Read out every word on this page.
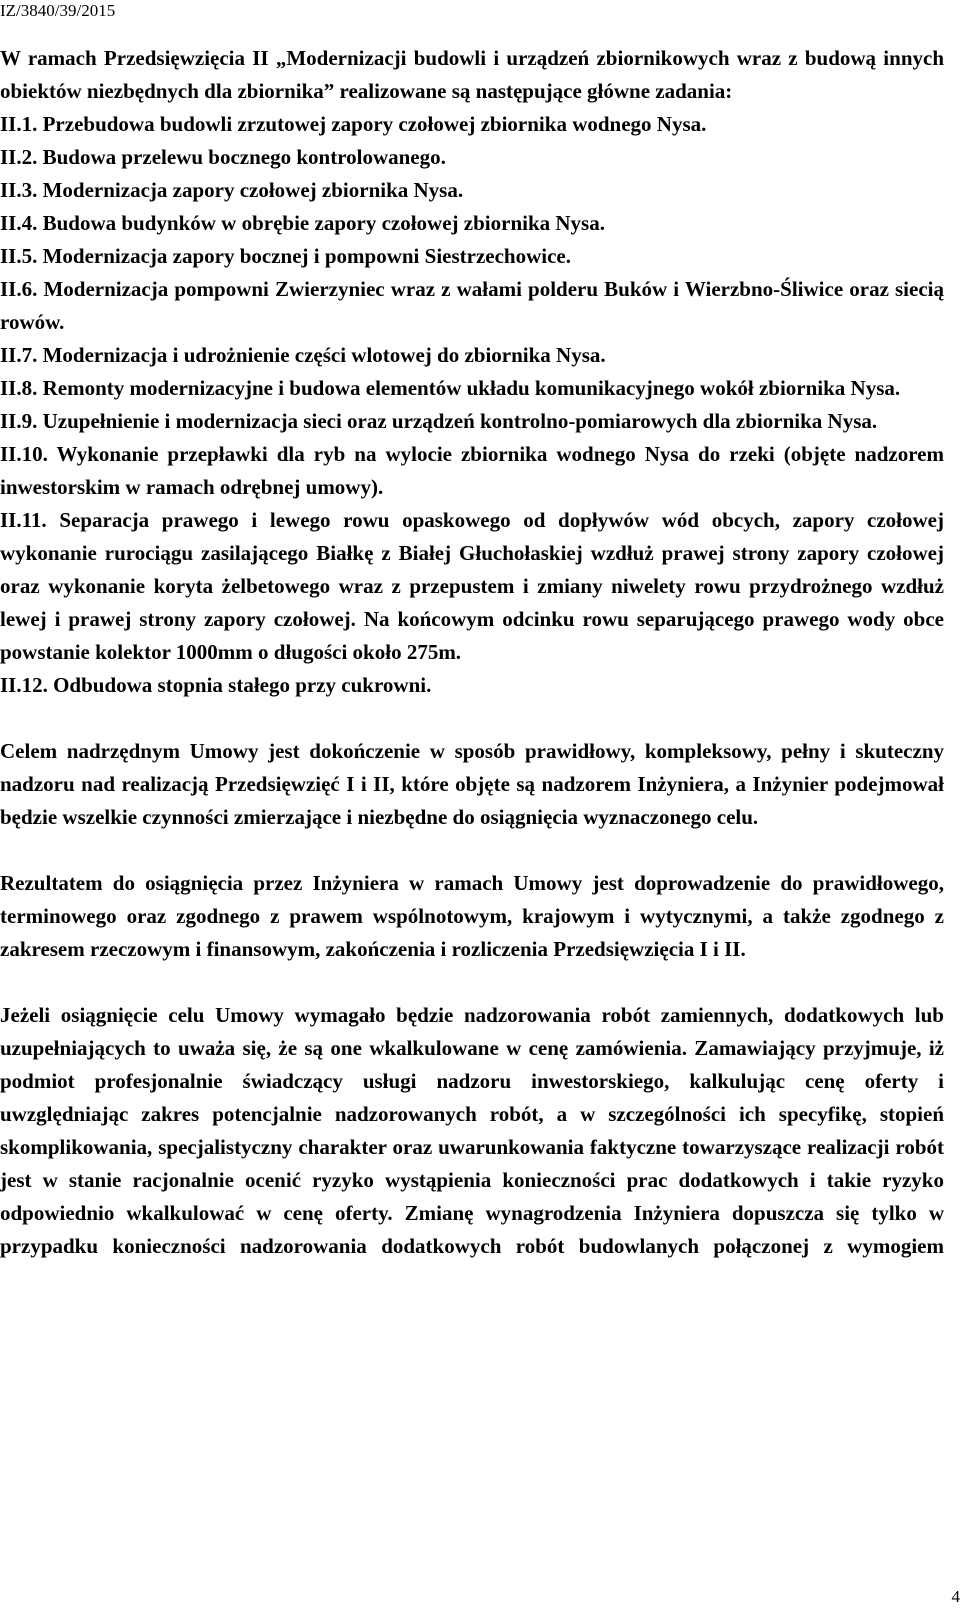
IZ/3840/39/2015

W ramach Przedsięwzięcia II „Modernizacji budowli i urządzeń zbiornikowych wraz z budową innych obiektów niezbędnych dla zbiornika” realizowane są następujące główne zadania:

II.1. Przebudowa budowli zrzutowej zapory czołowej zbiornika wodnego Nysa.

II.2. Budowa przelewu bocznego kontrolowanego.

II.3. Modernizacja zapory czołowej zbiornika Nysa.

II.4. Budowa budynków w obrębie zapory czołowej zbiornika Nysa.

II.5. Modernizacja zapory bocznej i pompowni Siestrzechowice.

II.6. Modernizacja pompowni Zwierzyniec wraz z wałami polderu Buków i Wierzbno-Śliwice oraz siecią rowów.

II.7. Modernizacja i udrożnienie części wlotowej do zbiornika Nysa.

II.8. Remonty modernizacyjne i budowa elementów układu komunikacyjnego wokół zbiornika Nysa.

II.9. Uzupełnienie i modernizacja sieci oraz urządzeń kontrolno-pomiarowych dla zbiornika Nysa.

II.10. Wykonanie przepławki dla ryb na wylocie zbiornika wodnego Nysa do rzeki (objęte nadzorem inwestorskim w ramach odrębnej umowy).

II.11. Separacja prawego i lewego rowu opaskowego od dopływów wód obcych, zapory czołowej wykonanie rurociągu zasilającego Białkę z Białej Głuchołaskiej wzdłuż prawej strony zapory czołowej oraz wykonanie koryta żelbetowego wraz z przepustem i zmiany niwelety rowu przydrożnego wzdłuż lewej i prawej strony zapory czołowej. Na końcowym odcinku rowu separującego prawego wody obce powstanie kolektor 1000mm o długości około 275m.

II.12. Odbudowa stopnia stałego przy cukrowni.

Celem nadrzędnym Umowy jest dokończenie w sposób prawidłowy, kompleksowy, pełny i skuteczny nadzoru nad realizacją Przedsięwzięć I i II, które objęte są nadzorem Inżyniera, a Inżynier podejmował będzie wszelkie czynności zmierzające i niezbędne do osiągnięcia wyznaczonego celu.

Rezultatem do osiągnięcia przez Inżyniera w ramach Umowy jest doprowadzenie do prawidłowego, terminowego oraz zgodnego z prawem wspólnotowym, krajowym i wytycznymi, a także zgodnego z zakresem rzeczowym i finansowym, zakończenia i rozliczenia Przedsięwzięcia I i II.

Jeżeli osiągnięcie celu Umowy wymagało będzie nadzorowania robót zamiennych, dodatkowych lub uzupełniających to uważa się, że są one wkalkulowane w cenę zamówienia. Zamawiający przyjmuje, iż podmiot profesjonalnie świadczący usługi nadzoru inwestorskiego, kalkulując cenę oferty i uwzględniając zakres potencjalnie nadzorowanych robót, a w szczególności ich specyfikę, stopień skomplikowania, specjalistyczny charakter oraz uwarunkowania faktyczne towarzyszące realizacji robót jest w stanie racjonalnie ocenić ryzyko wystąpienia konieczności prac dodatkowych i takie ryzyko odpowiednio wkalkulować w cenę oferty. Zmianę wynagrodzenia Inżyniera dopuszcza się tylko w przypadku konieczności nadzorowania dodatkowych robót budowlanych połączonej z wymogiem

4
